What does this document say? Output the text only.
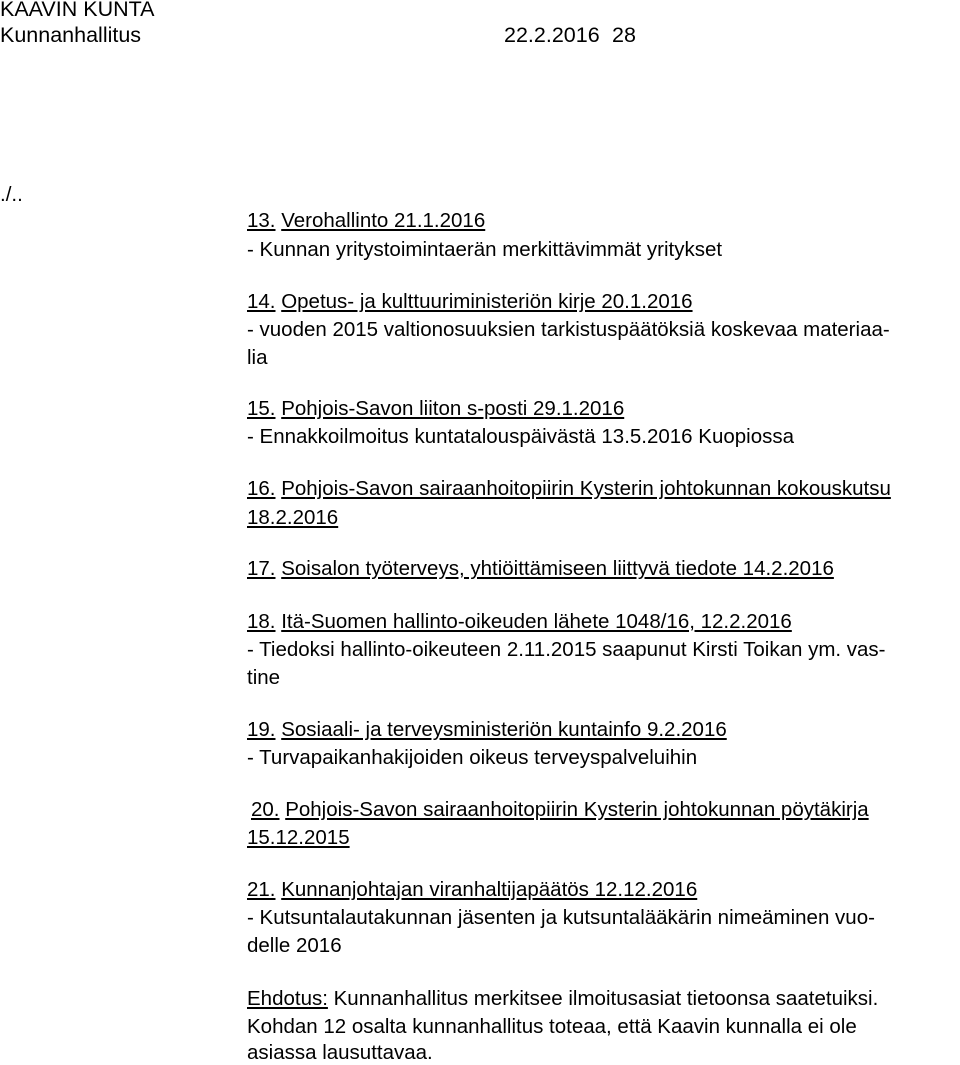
KAAVIN KUNTA
Kunnanhallitus	22.2.2016 28
./..
13. Verohallinto 21.1.2016
- Kunnan yritystoimintaerän merkittävimmät yritykset
14. Opetus- ja kulttuuriministeriön kirje 20.1.2016
- vuoden 2015 valtionosuuksien tarkistuspäätöksiä koskevaa materiaa-
lia
15. Pohjois-Savon liiton s-posti 29.1.2016
- Ennakkoilmoitus kuntatalouspäivästä 13.5.2016 Kuopiossa
16. Pohjois-Savon sairaanhoitopiirin Kysterin johtokunnan kokouskutsu
18.2.2016
17. Soisalon työterveys, yhtiöittämiseen liittyvä tiedote 14.2.2016
18. Itä-Suomen hallinto-oikeuden lähete 1048/16, 12.2.2016
- Tiedoksi hallinto-oikeuteen 2.11.2015 saapunut Kirsti Toikan ym. vas-
tine
19. Sosiaali- ja terveysministeriön kuntainfo 9.2.2016
- Turvapaikanhakijoiden oikeus terveyspalveluihin
20. Pohjois-Savon sairaanhoitopiirin Kysterin johtokunnan pöytäkirja
15.12.2015
21. Kunnanjohtajan viranhaltijapäätös 12.12.2016
- Kutsuntalautakunnan jäsenten ja kutsuntalääkärin nimeäminen vuo-
delle 2016
Ehdotus: Kunnanhallitus merkitsee ilmoitusasiat tietoonsa saatetuiksi.
Kohdan 12 osalta kunnanhallitus toteaa, että Kaavin kunnalla ei ole
asiassa lausuttavaa.
